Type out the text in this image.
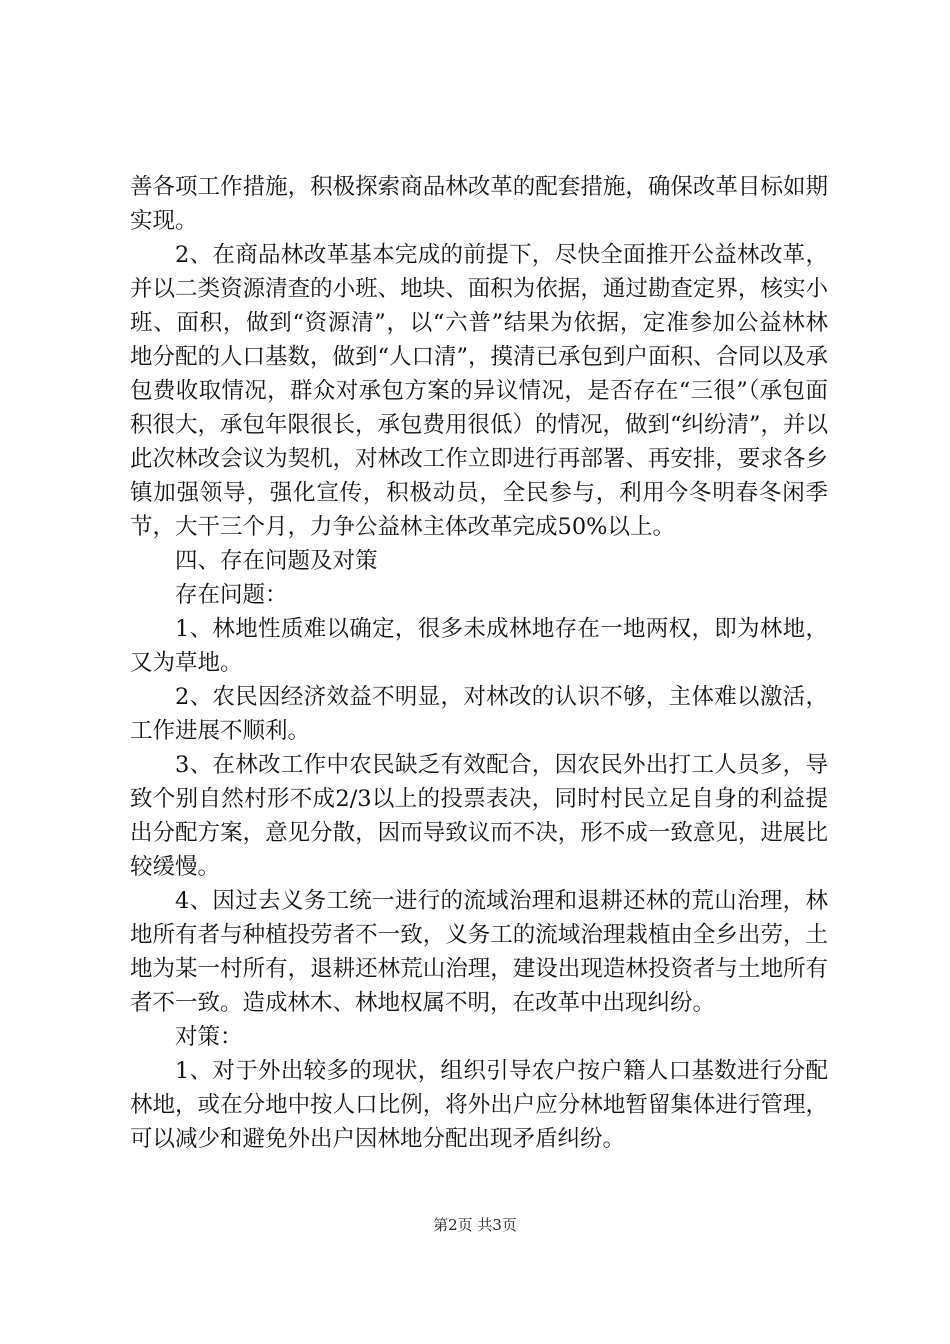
善各项工作措施，积极探索商品林改革的配套措施，确保改革目标如期实现。

2、在商品林改革基本完成的前提下，尽快全面推开公益林改革，并以二类资源清查的小班、地块、面积为依据，通过勘查定界，核实小班、面积，做到“资源清”，以“六普”结果为依据，定准参加公益林林地分配的人口基数，做到“人口清”，摸清已承包到户面积、合同以及承包费收取情况，群众对承包方案的异议情况，是否存在“三很”（承包面积很大，承包年限很长，承包费用很低）的情况，做到“纠纷清”，并以此次林改会议为契机，对林改工作立即进行再部署、再安排，要求各乡镇加强领导，强化宣传，积极动员，全民参与，利用今冬明春冬闲季节，大干三个月，力争公益林主体改革完成50%以上。

四、存在问题及对策

存在问题：

1、林地性质难以确定，很多未成林地存在一地两权，即为林地，又为草地。

2、农民因经济效益不明显，对林改的认识不够，主体难以激活，工作进展不顺利。

3、在林改工作中农民缺乏有效配合，因农民外出打工人员多，导致个别自然村形不成2/3以上的投票表决，同时村民立足自身的利益提出分配方案，意见分散，因而导致议而不决，形不成一致意见，进展比较缓慢。

4、因过去义务工统一进行的流域治理和退耕还林的荒山治理，林地所有者与种植投劳者不一致，义务工的流域治理栽植由全乡出劳，土地为某一村所有，退耕还林荒山治理，建设出现造林投资者与土地所有者不一致。造成林木、林地权属不明，在改革中出现纠纷。

对策：

1、对于外出较多的现状，组织引导农户按户籍人口基数进行分配林地，或在分地中按人口比例，将外出户应分林地暂留集体进行管理，可以减少和避免外出户因林地分配出现矛盾纠纷。

第2页 共3页
